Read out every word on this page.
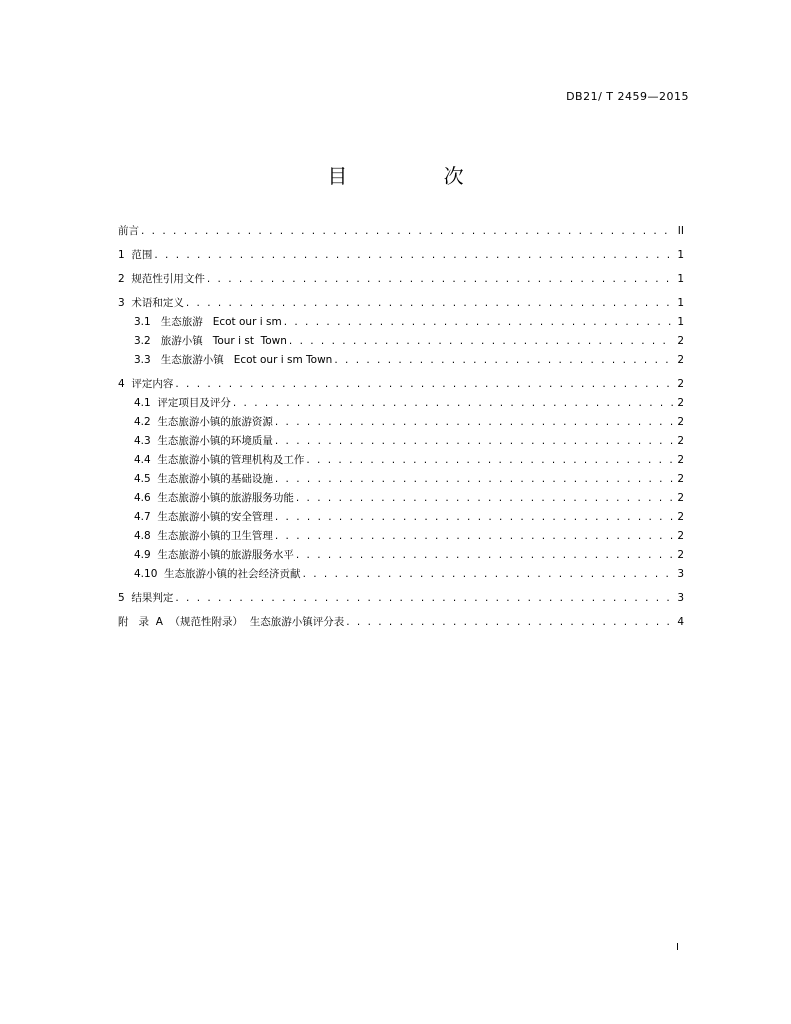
DB21/ T 2459—2015
目 次
前言 . . .	II
1  范围 . . .	1
2  规范性引用文件 . . .	1
3  术语和定义 . . .	1
3.1   生态旅游   Ecot our i sm . . .	1
3.2   旅游小镇   Tour i st  Town . . .	2
3.3   生态旅游小镇   Ecot our i sm Town . . .	2
4  评定内容 . . .	2
4.1  评定项目及评分 . . .	2
4.2  生态旅游小镇的旅游资源 . . .	2
4.3  生态旅游小镇的环境质量 . . .	2
4.4  生态旅游小镇的管理机构及工作 . . .	2
4.5  生态旅游小镇的基础设施 . . .	2
4.6  生态旅游小镇的旅游服务功能 . . .	2
4.7  生态旅游小镇的安全管理 . . .	2
4.8  生态旅游小镇的卫生管理 . . .	2
4.9  生态旅游小镇的旅游服务水平 . . .	2
4.10  生态旅游小镇的社会经济贡献 . . .	3
5  结果判定 . . .	3
附   录  A  （规范性附录）  生态旅游小镇评分表 . . .	4
I
